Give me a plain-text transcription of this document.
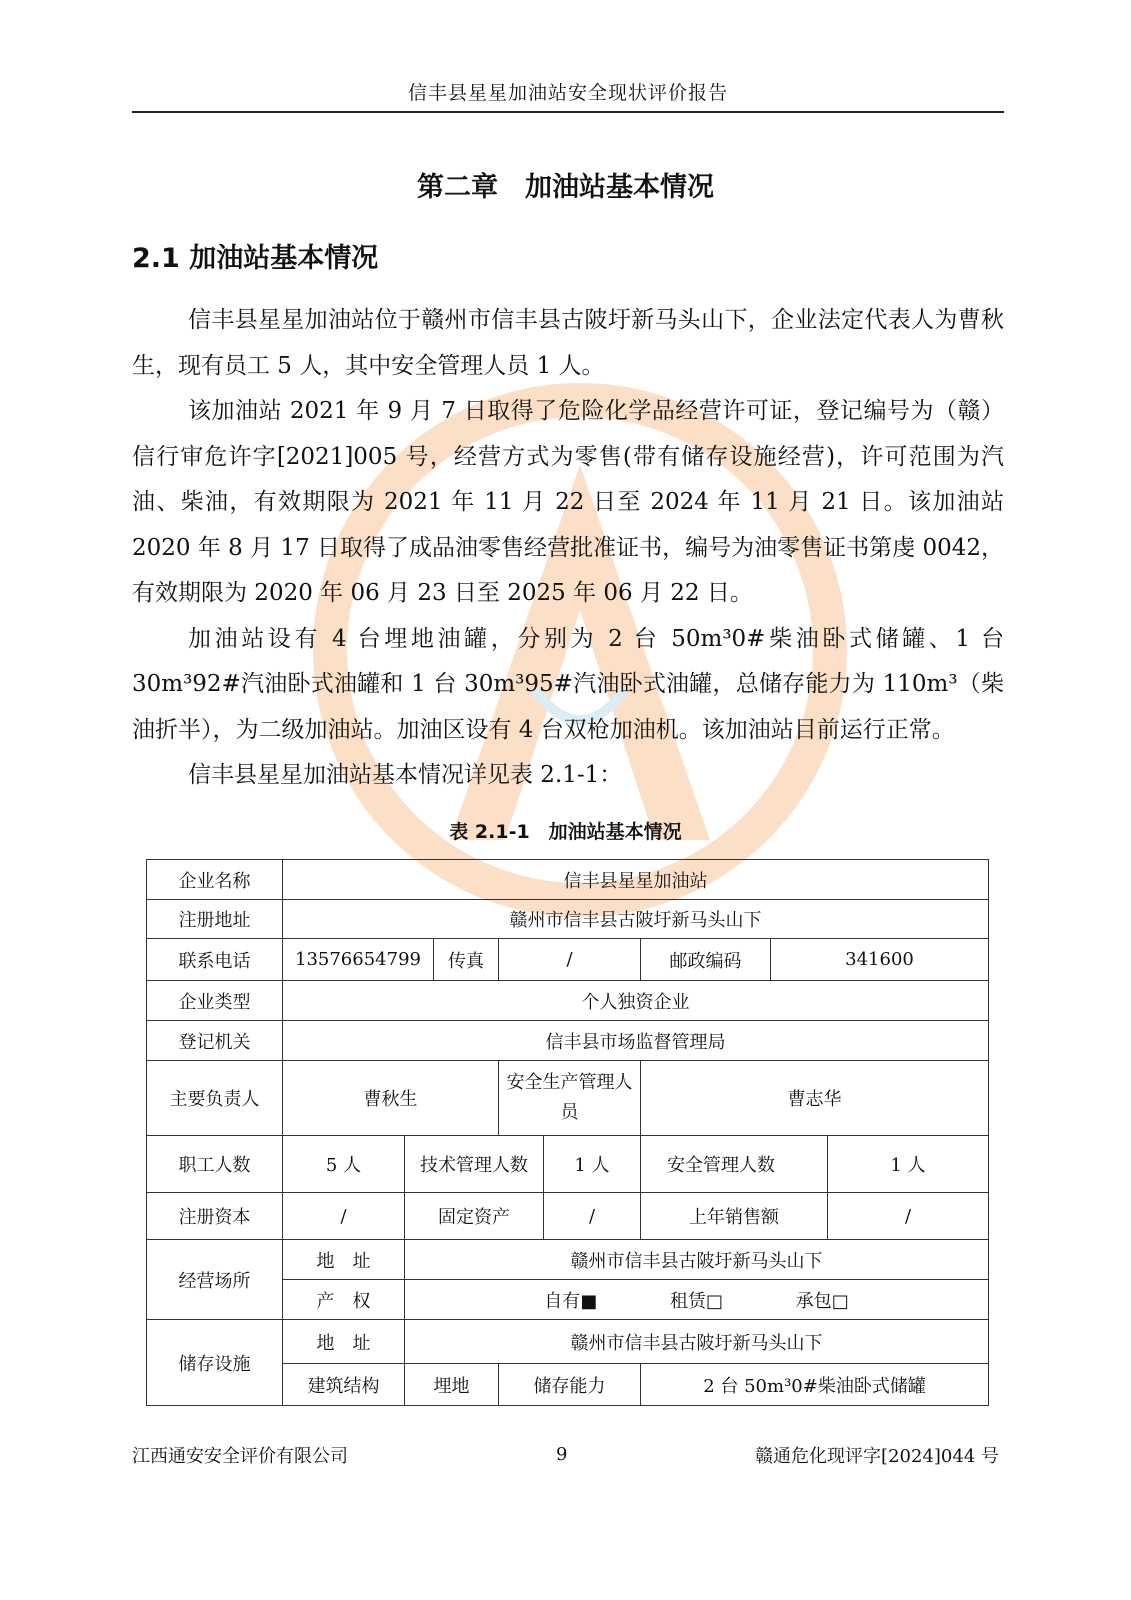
信丰县星星加油站安全现状评价报告
第二章　加油站基本情况
2.1 加油站基本情况

信丰县星星加油站位于赣州市信丰县古陂圩新马头山下，企业法定代表人为曹秋生，现有员工 5 人，其中安全管理人员 1 人。

该加油站 2021 年 9 月 7 日取得了危险化学品经营许可证，登记编号为（赣）信行审危许字[2021]005 号，经营方式为零售(带有储存设施经营)，许可范围为汽油、柴油，有效期限为 2021 年 11 月 22 日至 2024 年 11 月 21 日。该加油站 2020 年 8 月 17 日取得了成品油零售经营批准证书，编号为油零售证书第虔 0042，有效期限为 2020 年 06 月 23 日至 2025 年 06 月 22 日。

加油站设有 4 台埋地油罐，分别为 2 台 50m³0#柴油卧式储罐、1 台 30m³92#汽油卧式油罐和 1 台 30m³95#汽油卧式油罐，总储存能力为 110m³（柴油折半），为二级加油站。加油区设有 4 台双枪加油机。该加油站目前运行正常。

信丰县星星加油站基本情况详见表 2.1-1：

表 2.1-1　加油站基本情况
企业名称	信丰县星星加油站					
注册地址	赣州市信丰县古陂圩新马头山下					
联系电话	13576654799 传真		/	邮政编码	341600	
企业类型	个人独资企业					
登记机关	信丰县市场监督管理局					
主要负责人	曹秋生		安全生产管理人员	曹志华		
职工人数	5 人	技术管理人数 1 人		安全管理人数		1 人
注册资本	/	固定资产 /		上年销售额		/
经营场所	地　址	赣州市信丰县古陂圩新马头山下				
	产　权	自有■ 租赁□ 承包□				
储存设施	地　址	赣州市信丰县古陂圩新马头山下				
	建筑结构	埋地	储存能力	2 台 50m³0#柴油卧式储罐		
江西通安安全评价有限公司	9	赣通危化现评字[2024]044 号
